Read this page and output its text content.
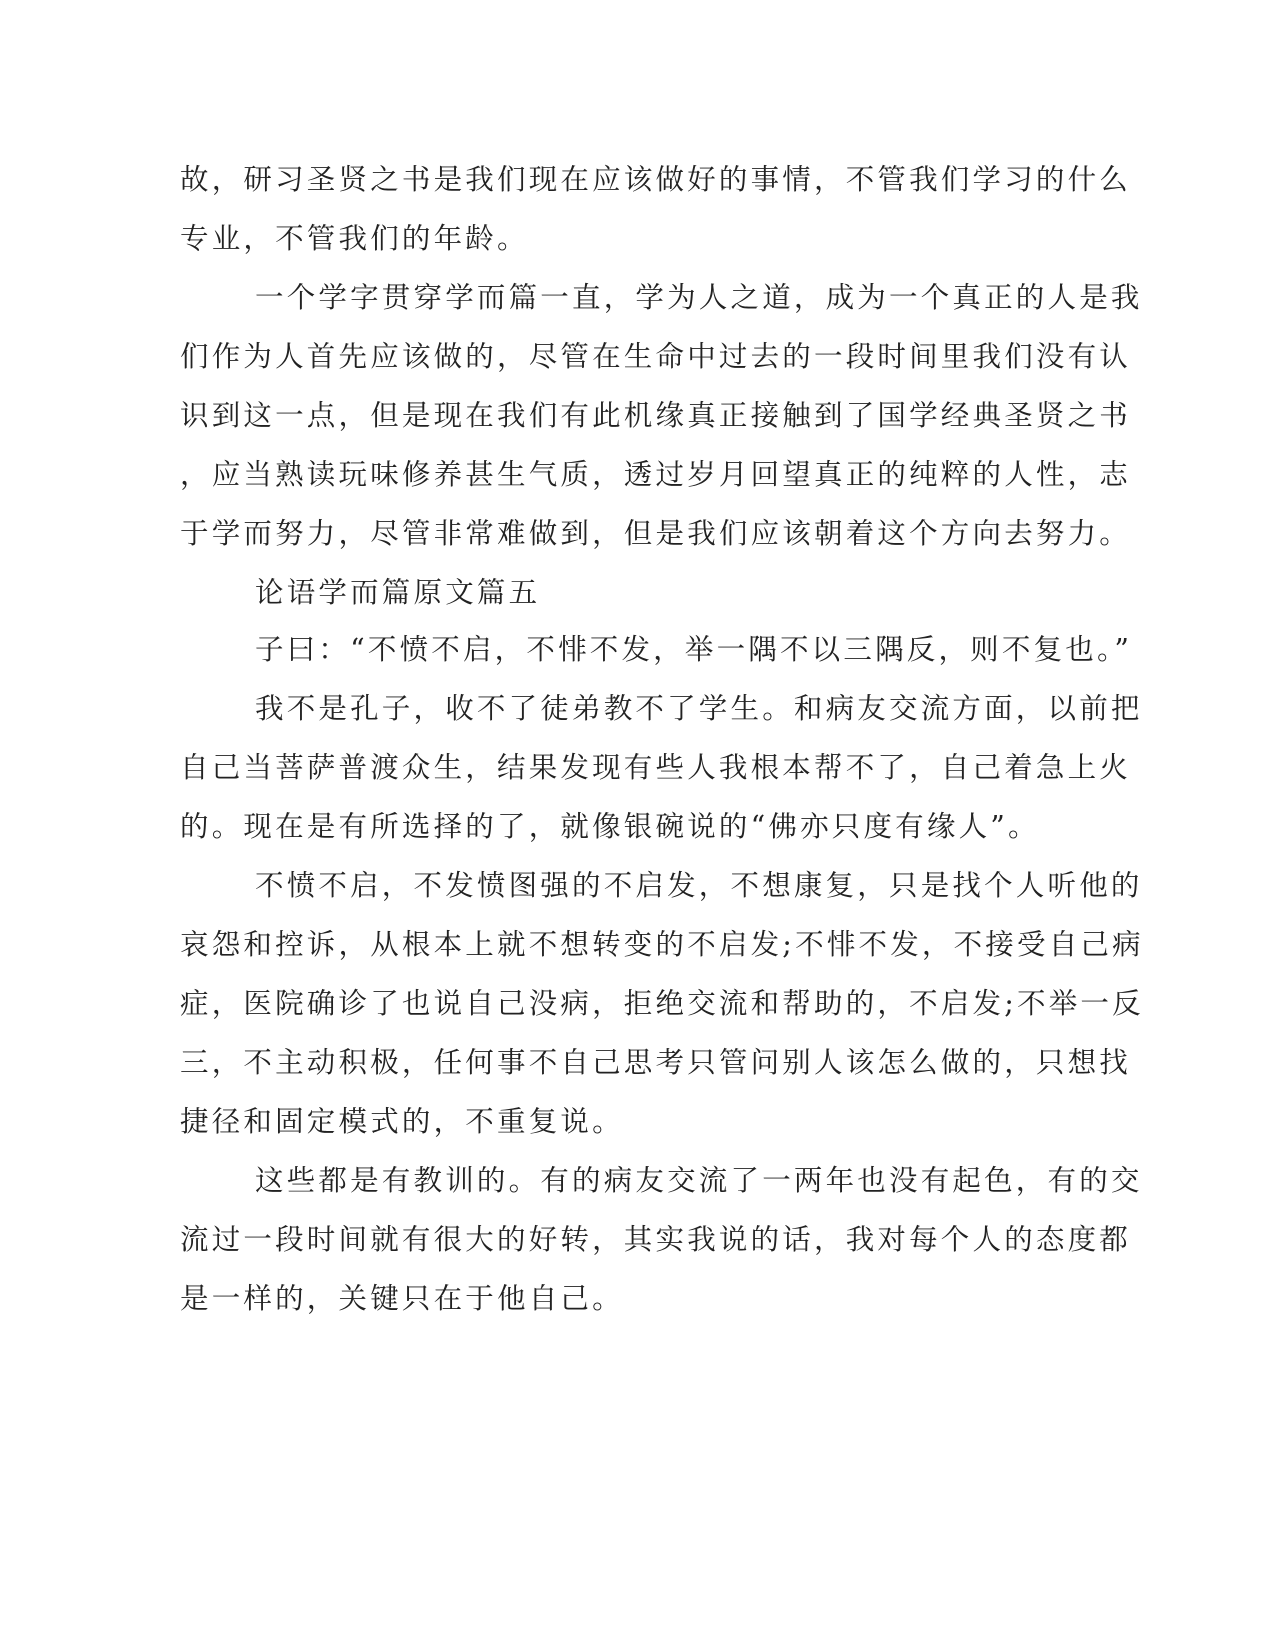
故，研习圣贤之书是我们现在应该做好的事情，不管我们学习的什么
专业，不管我们的年龄。
一个学字贯穿学而篇一直，学为人之道，成为一个真正的人是我
们作为人首先应该做的，尽管在生命中过去的一段时间里我们没有认
识到这一点，但是现在我们有此机缘真正接触到了国学经典圣贤之书
，应当熟读玩味修养甚生气质，透过岁月回望真正的纯粹的人性，志
于学而努力，尽管非常难做到，但是我们应该朝着这个方向去努力。
论语学而篇原文篇五
子曰：“不愤不启，不悱不发，举一隅不以三隅反，则不复也。”
我不是孔子，收不了徒弟教不了学生。和病友交流方面，以前把
自己当菩萨普渡众生，结果发现有些人我根本帮不了，自己着急上火
的。现在是有所选择的了，就像银碗说的“佛亦只度有缘人”。
不愤不启，不发愤图强的不启发，不想康复，只是找个人听他的
哀怨和控诉，从根本上就不想转变的不启发;不悱不发，不接受自己病
症，医院确诊了也说自己没病，拒绝交流和帮助的，不启发;不举一反
三，不主动积极，任何事不自己思考只管问别人该怎么做的，只想找
捷径和固定模式的，不重复说。
这些都是有教训的。有的病友交流了一两年也没有起色，有的交
流过一段时间就有很大的好转，其实我说的话，我对每个人的态度都
是一样的，关键只在于他自己。
